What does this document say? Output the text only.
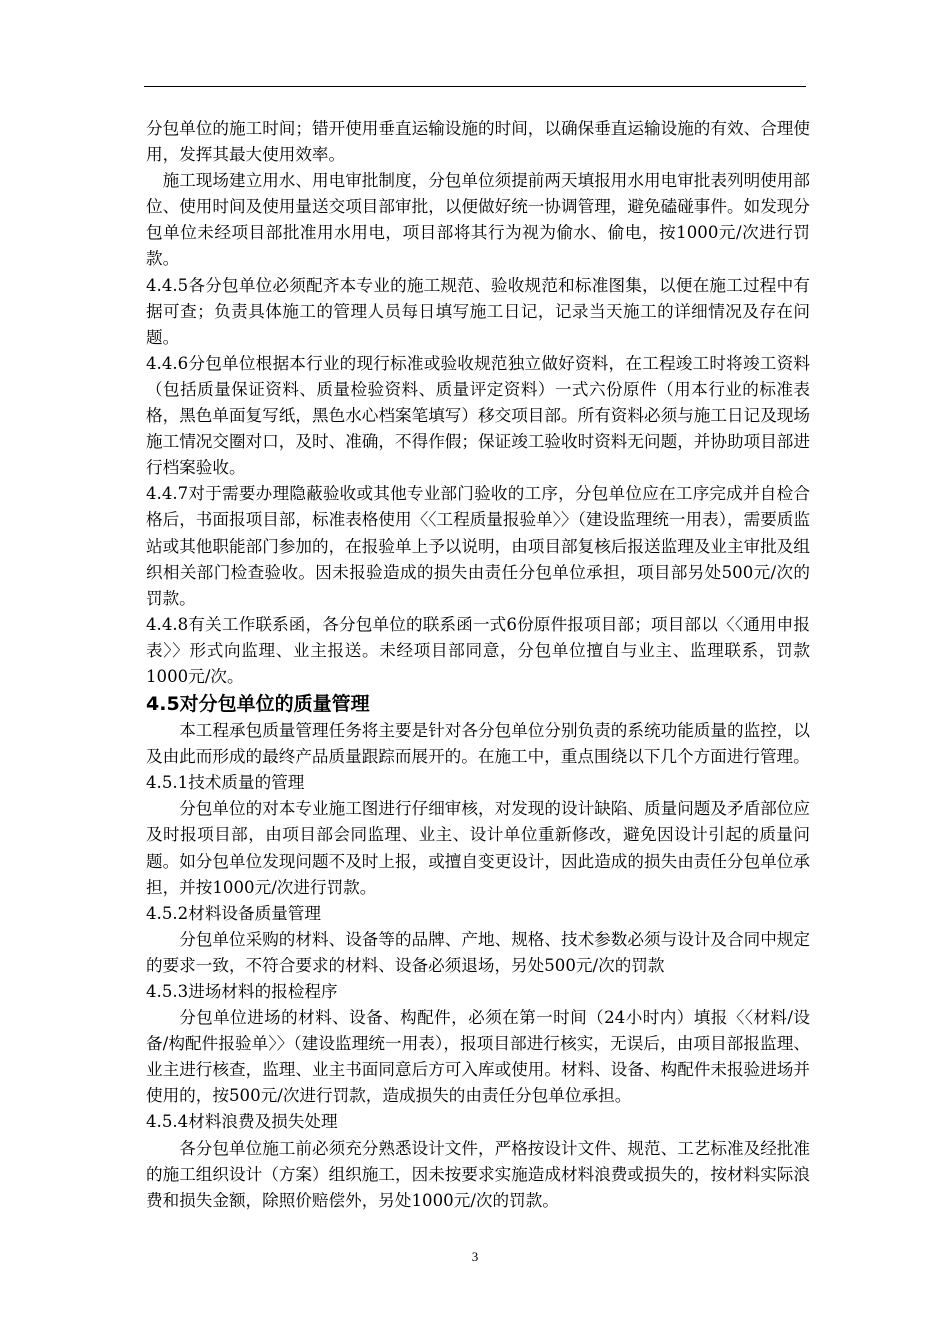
分包单位的施工时间；错开使用垂直运输设施的时间，以确保垂直运输设施的有效、合理使用，发挥其最大使用效率。

施工现场建立用水、用电审批制度，分包单位须提前两天填报用水用电审批表列明使用部位、使用时间及使用量送交项目部审批，以便做好统一协调管理，避免磕碰事件。如发现分包单位未经项目部批准用水用电，项目部将其行为视为偷水、偷电，按1000元/次进行罚款。

4.4.5各分包单位必须配齐本专业的施工规范、验收规范和标准图集，以便在施工过程中有据可查；负责具体施工的管理人员每日填写施工日记，记录当天施工的详细情况及存在问题。

4.4.6分包单位根据本行业的现行标准或验收规范独立做好资料，在工程竣工时将竣工资料（包括质量保证资料、质量检验资料、质量评定资料）一式六份原件（用本行业的标准表格，黑色单面复写纸，黑色水心档案笔填写）移交项目部。所有资料必须与施工日记及现场施工情况交圈对口，及时、准确，不得作假；保证竣工验收时资料无问题，并协助项目部进行档案验收。

4.4.7对于需要办理隐蔽验收或其他专业部门验收的工序，分包单位应在工序完成并自检合格后，书面报项目部，标准表格使用〈〈工程质量报验单〉〉（建设监理统一用表），需要质监站或其他职能部门参加的，在报验单上予以说明，由项目部复核后报送监理及业主审批及组织相关部门检查验收。因未报验造成的损失由责任分包单位承担，项目部另处500元/次的罚款。

4.4.8有关工作联系函，各分包单位的联系函一式6份原件报项目部；项目部以〈〈通用申报表〉〉形式向监理、业主报送。未经项目部同意，分包单位擅自与业主、监理联系，罚款1000元/次。

4.5对分包单位的质量管理

本工程承包质量管理任务将主要是针对各分包单位分别负责的系统功能质量的监控，以及由此而形成的最终产品质量跟踪而展开的。在施工中，重点围绕以下几个方面进行管理。

4.5.1技术质量的管理

分包单位的对本专业施工图进行仔细审核，对发现的设计缺陷、质量问题及矛盾部位应及时报项目部，由项目部会同监理、业主、设计单位重新修改，避免因设计引起的质量问题。如分包单位发现问题不及时上报，或擅自变更设计，因此造成的损失由责任分包单位承担，并按1000元/次进行罚款。

4.5.2材料设备质量管理

分包单位采购的材料、设备等的品牌、产地、规格、技术参数必须与设计及合同中规定的要求一致，不符合要求的材料、设备必须退场，另处500元/次的罚款

4.5.3进场材料的报检程序

分包单位进场的材料、设备、构配件，必须在第一时间（24小时内）填报〈〈材料/设备/构配件报验单〉〉（建设监理统一用表），报项目部进行核实，无误后，由项目部报监理、业主进行核查，监理、业主书面同意后方可入库或使用。材料、设备、构配件未报验进场并使用的，按500元/次进行罚款，造成损失的由责任分包单位承担。

4.5.4材料浪费及损失处理

各分包单位施工前必须充分熟悉设计文件，严格按设计文件、规范、工艺标准及经批准的施工组织设计（方案）组织施工，因未按要求实施造成材料浪费或损失的，按材料实际浪费和损失金额，除照价赔偿外，另处1000元/次的罚款。

3
